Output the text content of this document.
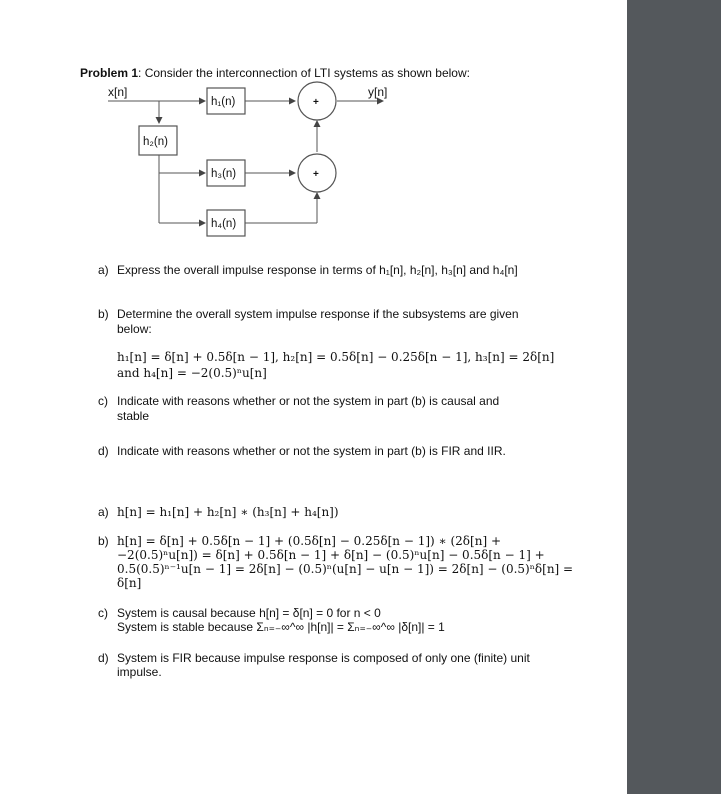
Problem 1: Consider the interconnection of LTI systems as shown below:
x[n]	y[n]
h₁(n)
h₂(n)
h₃(n)
h₄(n)
+
+
a) Express the overall impulse response in terms of h₁[n], h₂[n], h₃[n] and h₄[n]
b) Determine the overall system impulse response if the subsystems are given below:
h₁[n] = δ[n] + 0.5δ[n − 1], h₂[n] = 0.5δ[n] − 0.25δ[n − 1], h₃[n] = 2δ[n]
and h₄[n] = −2(0.5)ⁿu[n]
c) Indicate with reasons whether or not the system in part (b) is causal and stable
d) Indicate with reasons whether or not the system in part (b) is FIR and IIR.
a) h[n] = h₁[n] + h₂[n] ∗ (h₃[n] + h₄[n])
b) h[n] = δ[n] + 0.5δ[n − 1] + (0.5δ[n] − 0.25δ[n − 1]) ∗ (2δ[n] +
−2(0.5)ⁿu[n]) = δ[n] + 0.5δ[n − 1] + δ[n] − (0.5)ⁿu[n] − 0.5δ[n − 1] +
0.5(0.5)ⁿ⁻¹u[n − 1] = 2δ[n] − (0.5)ⁿ(u[n] − u[n − 1]) = 2δ[n] − (0.5)ⁿδ[n] =
δ[n]
c) System is causal because h[n] = δ[n] = 0 for n < 0
System is stable because Σₙ₌₋∞^∞ |h[n]| = Σₙ₌₋∞^∞ |δ[n]| = 1
d) System is FIR because impulse response is composed of only one (finite) unit
impulse.
